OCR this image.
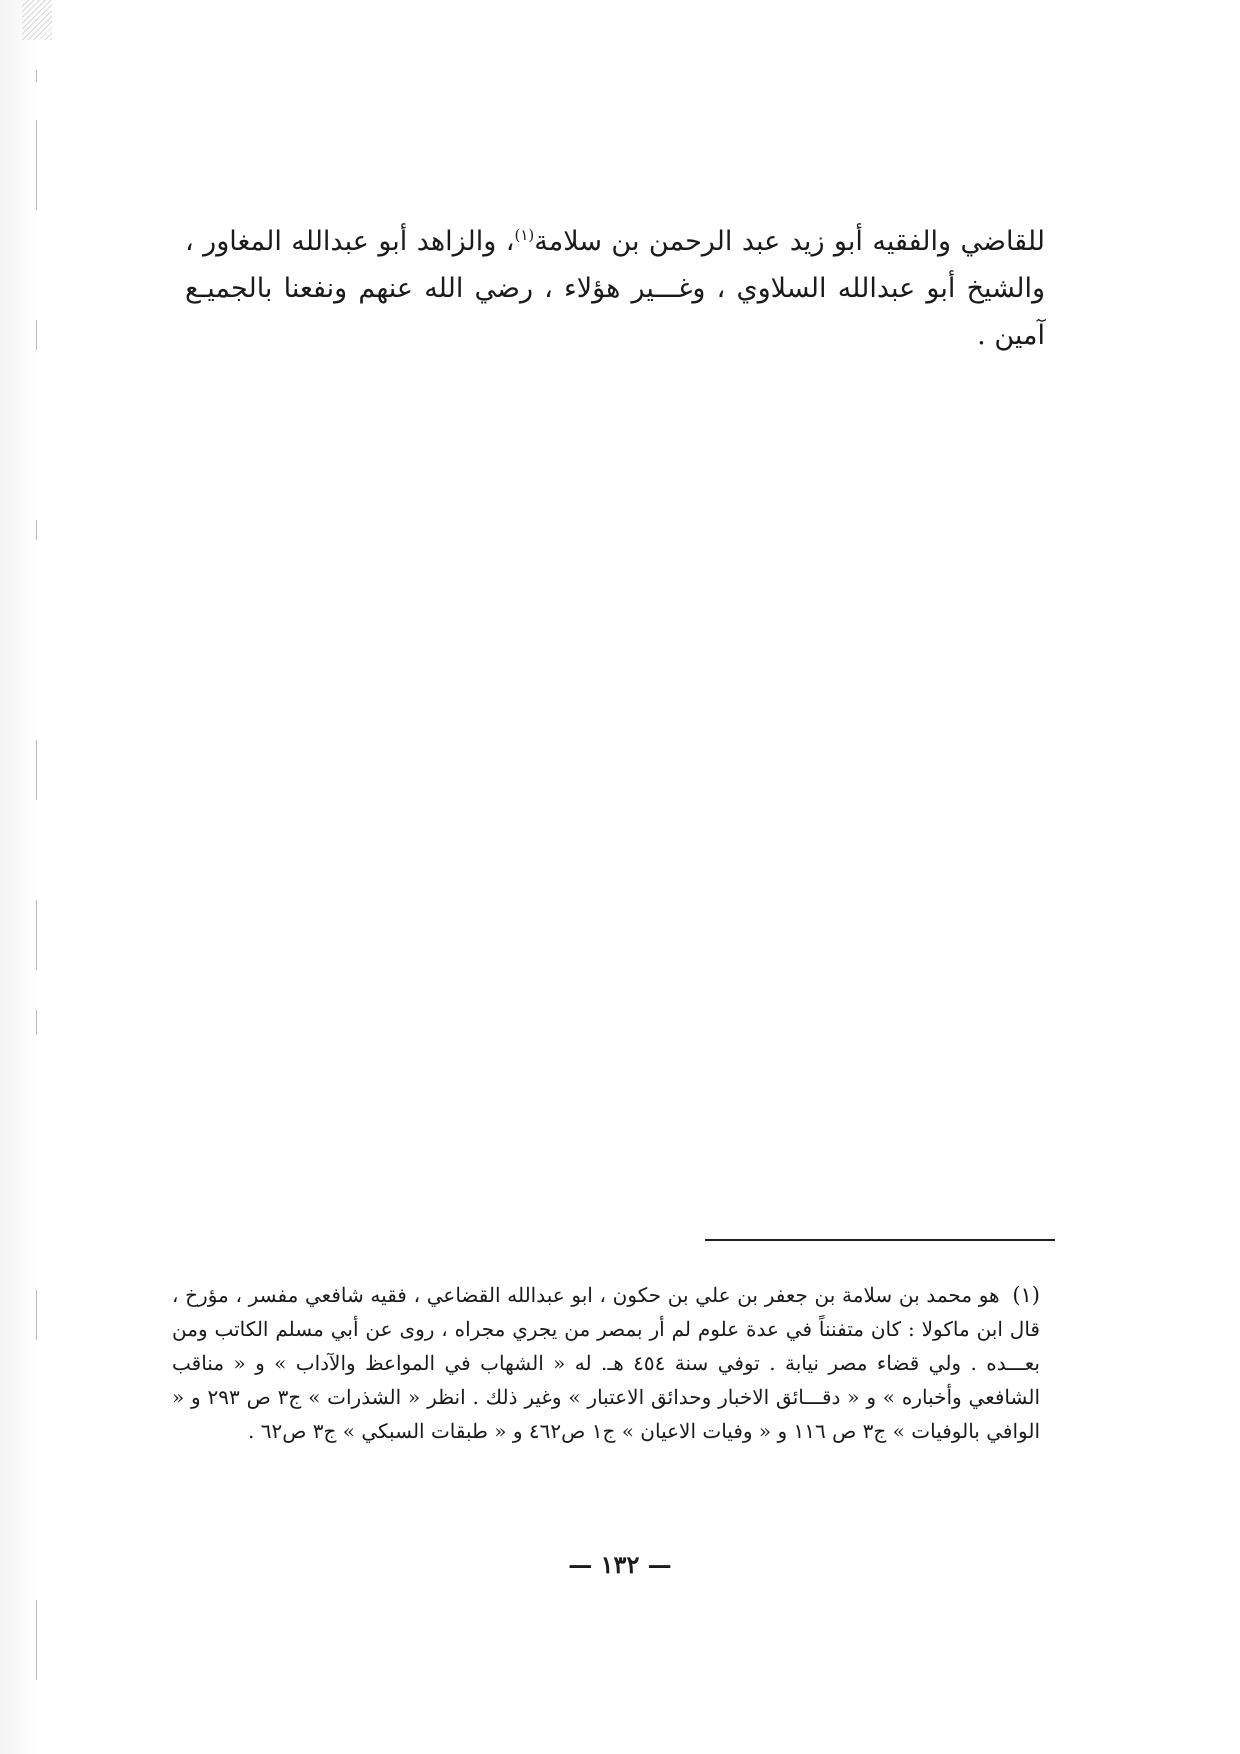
للقاضي والفقيه أبو زيد عبد الرحمن بن سلامة$^{(١)}$، والزاهد أبو عبدالله المغاور ، والشيخ أبو عبدالله السلاوي ، وغـــير هؤلاء ، رضي الله عنهم ونفعنا بالجميـع آمين .
(١) هو محمد بن سلامة بن جعفر بن علي بن حكون ، ابو عبدالله القضاعي ، فقيه شافعي مفسر ، مؤرخ ، قال ابن ماكولا : كان متفنناً في عدة علوم لم أر بمصر من يجري مجراه ، روى عن أبي مسلم الكاتب ومن بعـــده . ولي قضاء مصر نيابة . توفي سنة ٤٥٤ هـ. له « الشهاب في المواعظ والآداب » و « مناقب الشافعي وأخباره » و « دقـــائق الاخبار وحدائق الاعتبار » وغير ذلك . انظر « الشذرات » ج٣ ص ٢٩٣ و « الوافي بالوفيات » ج٣ ص ١١٦ و « وفيات الاعيان » ج١ ص٤٦٢ و « طبقات السبكي » ج٣ ص٦٢ .
— ١٣٢ —
